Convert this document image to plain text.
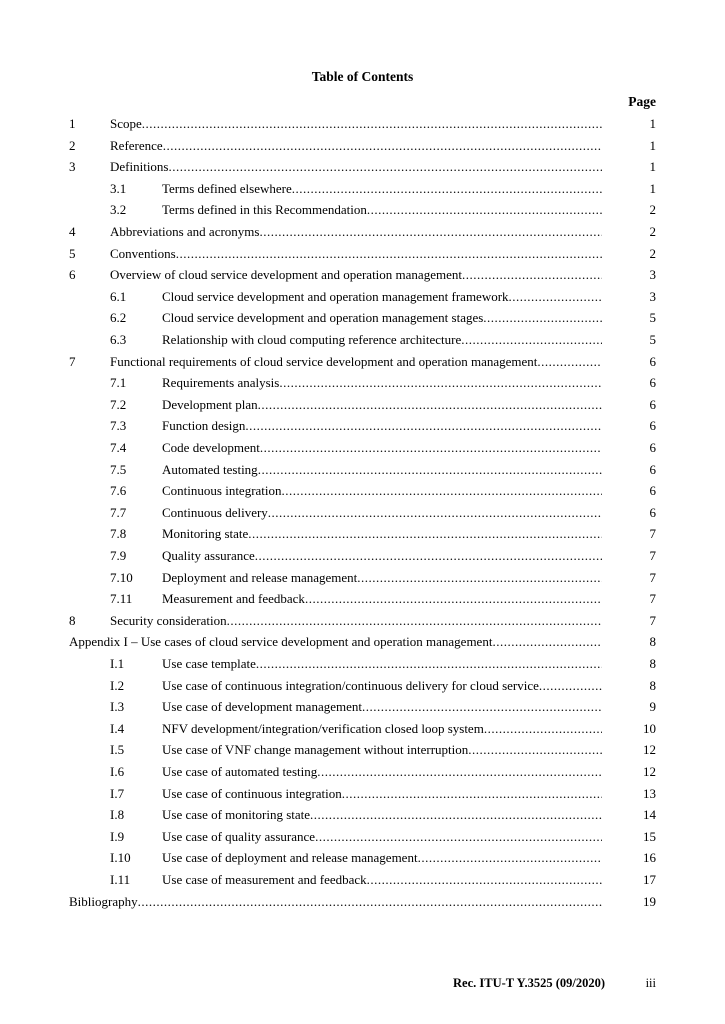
Table of Contents
Page
1	Scope .....	1
2	Reference .....	1
3	Definitions .....	1
3.1	Terms defined elsewhere .....	1
3.2	Terms defined in this Recommendation .....	2
4	Abbreviations and acronyms .....	2
5	Conventions .....	2
6	Overview of cloud service development and operation management .....	3
6.1	Cloud service development and operation management framework .....	3
6.2	Cloud service development and operation management stages .....	5
6.3	Relationship with cloud computing reference architecture .....	5
7	Functional requirements of cloud service development and operation management .....	6
7.1	Requirements analysis .....	6
7.2	Development plan .....	6
7.3	Function design .....	6
7.4	Code development .....	6
7.5	Automated testing .....	6
7.6	Continuous integration .....	6
7.7	Continuous delivery .....	6
7.8	Monitoring state .....	7
7.9	Quality assurance .....	7
7.10 Deployment and release management .....	7
7.11 Measurement and feedback .....	7
8	Security consideration .....	7
Appendix I – Use cases of cloud service development and operation management .....	8
I.1	Use case template .....	8
I.2	Use case of continuous integration/continuous delivery for cloud service .....	8
I.3	Use case of development management .....	9
I.4	NFV development/integration/verification closed loop system .....	10
I.5	Use case of VNF change management without interruption .....	12
I.6	Use case of automated testing .....	12
I.7	Use case of continuous integration .....	13
I.8	Use case of monitoring state .....	14
I.9	Use case of quality assurance .....	15
I.10 Use case of deployment and release management .....	16
I.11 Use case of measurement and feedback .....	17
Bibliography .....	19
Rec. ITU-T Y.3525 (09/2020)	iii
